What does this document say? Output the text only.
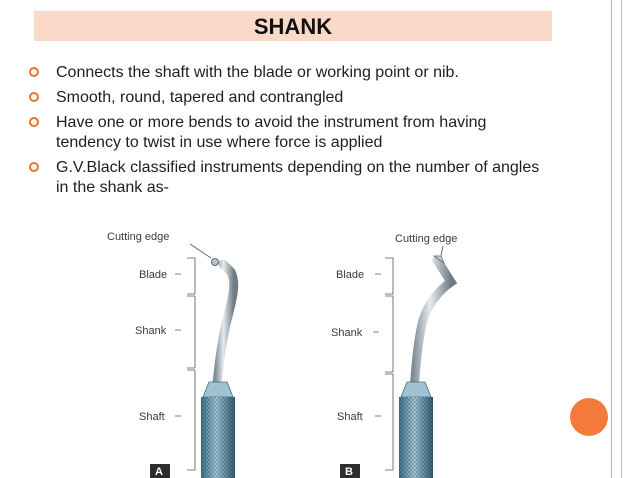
SHANK
Connects the shaft with the blade or working point or nib.
Smooth, round, tapered and contrangled
Have one or more bends to avoid the instrument from having tendency to twist in use where force is applied
G.V.Black classified instruments depending on the number of angles in the shank as-
Cutting edge
Blade
Shank
Shaft
A
Cutting edge
Blade
Shank
Shaft
B
